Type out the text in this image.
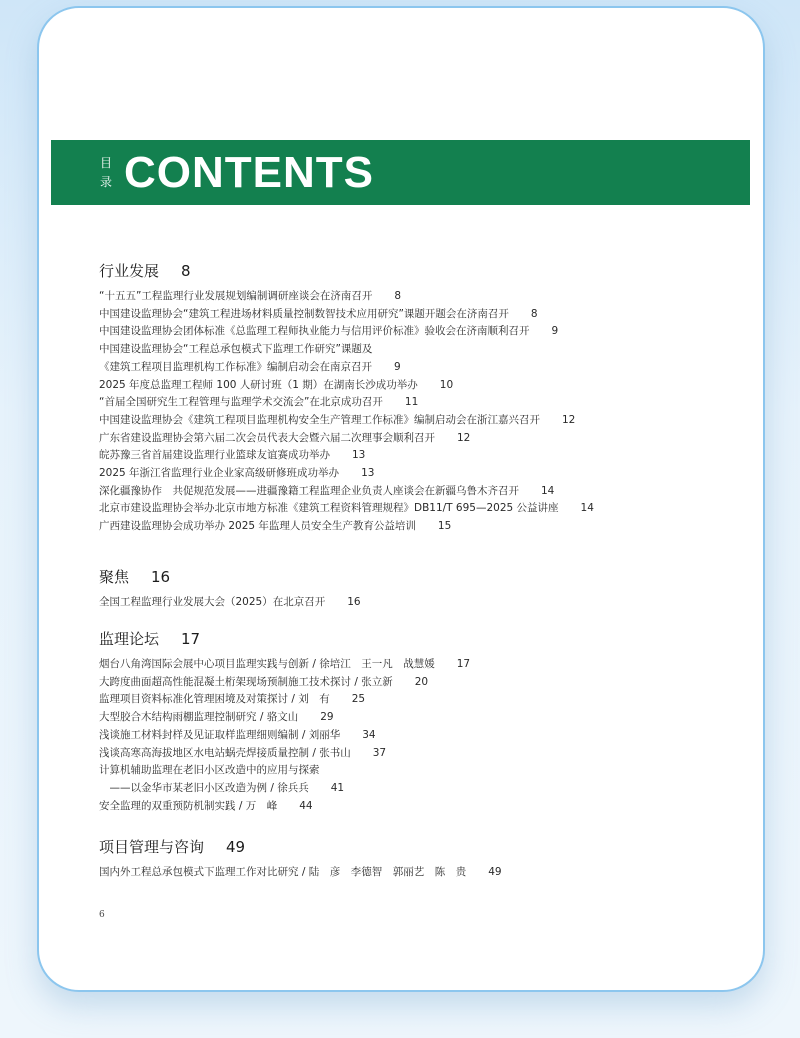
目
录 CONTENTS
行业发展 8
“十五五”工程监理行业发展规划编制调研座谈会在济南召开 8
中国建设监理协会“建筑工程进场材料质量控制数智技术应用研究”课题开题会在济南召开 8
中国建设监理协会团体标准《总监理工程师执业能力与信用评价标准》验收会在济南顺利召开 9
中国建设监理协会“工程总承包模式下监理工作研究”课题及
《建筑工程项目监理机构工作标准》编制启动会在南京召开 9
2025 年度总监理工程师 100 人研讨班（1 期）在湖南长沙成功举办 10
“首届全国研究生工程管理与监理学术交流会”在北京成功召开 11
中国建设监理协会《建筑工程项目监理机构安全生产管理工作标准》编制启动会在浙江嘉兴召开 12
广东省建设监理协会第六届二次会员代表大会暨六届二次理事会顺利召开 12
皖苏豫三省首届建设监理行业篮球友谊赛成功举办 13
2025 年浙江省监理行业企业家高级研修班成功举办 13
深化疆豫协作　共促规范发展——进疆豫籍工程监理企业负责人座谈会在新疆乌鲁木齐召开 14
北京市建设监理协会举办北京市地方标准《建筑工程资料管理规程》DB11/T 695—2025 公益讲座 14
广西建设监理协会成功举办 2025 年监理人员安全生产教育公益培训 15
聚焦 16
全国工程监理行业发展大会（2025）在北京召开 16
监理论坛 17
烟台八角湾国际会展中心项目监理实践与创新 / 徐培江　王一凡　战慧媛 17
大跨度曲面超高性能混凝土桁架现场预制施工技术探讨 / 张立新 20
监理项目资料标准化管理困境及对策探讨 / 刘　有 25
大型胶合木结构雨棚监理控制研究 / 骆文山 29
浅谈施工材料封样及见证取样监理细则编制 / 刘丽华 34
浅谈高寒高海拔地区水电站蜗壳焊接质量控制 / 张书山 37
计算机辅助监理在老旧小区改造中的应用与探索
　——以金华市某老旧小区改造为例 / 徐兵兵 41
安全监理的双重预防机制实践 / 万　峰 44
项目管理与咨询 49
国内外工程总承包模式下监理工作对比研究 / 陆　彦　李德智　郭丽艺　陈　贵 49
6
